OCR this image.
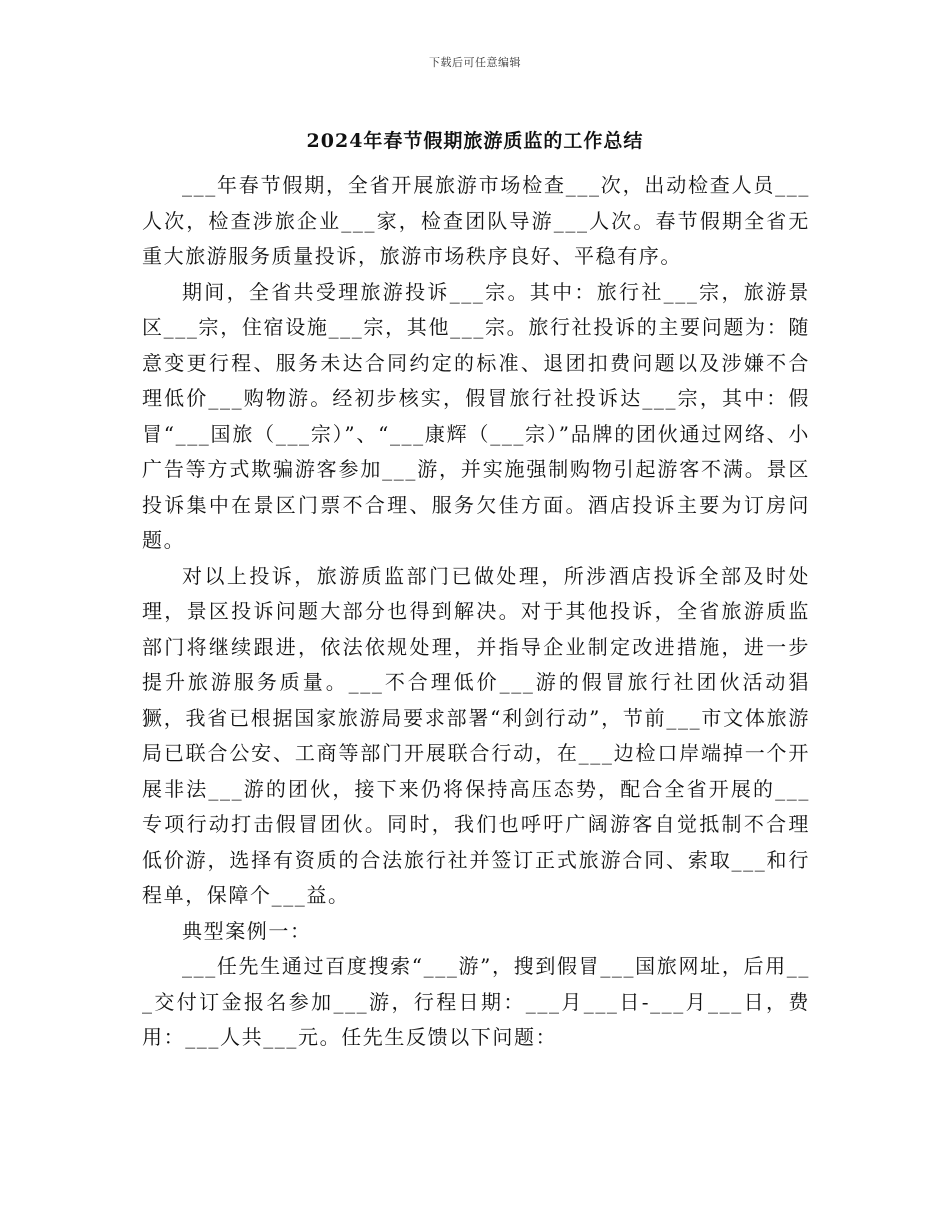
下载后可任意编辑
2024年春节假期旅游质监的工作总结

___年春节假期，全省开展旅游市场检查___次，出动检查人员___人次，检查涉旅企业___家，检查团队导游___人次。春节假期全省无重大旅游服务质量投诉，旅游市场秩序良好、平稳有序。

期间，全省共受理旅游投诉___宗。其中：旅行社___宗，旅游景区___宗，住宿设施___宗，其他___宗。旅行社投诉的主要问题为：随意变更行程、服务未达合同约定的标准、退团扣费问题以及涉嫌不合理低价___购物游。经初步核实，假冒旅行社投诉达___宗，其中：假冒“___国旅（___宗）”、“___康辉（___宗）”品牌的团伙通过网络、小广告等方式欺骗游客参加___游，并实施强制购物引起游客不满。景区投诉集中在景区门票不合理、服务欠佳方面。酒店投诉主要为订房问题。

对以上投诉，旅游质监部门已做处理，所涉酒店投诉全部及时处理，景区投诉问题大部分也得到解决。对于其他投诉，全省旅游质监部门将继续跟进，依法依规处理，并指导企业制定改进措施，进一步提升旅游服务质量。___不合理低价___游的假冒旅行社团伙活动猖獗，我省已根据国家旅游局要求部署“利剑行动”，节前___市文体旅游局已联合公安、工商等部门开展联合行动，在___边检口岸端掉一个开展非法___游的团伙，接下来仍将保持高压态势，配合全省开展的___专项行动打击假冒团伙。同时，我们也呼吁广阔游客自觉抵制不合理低价游，选择有资质的合法旅行社并签订正式旅游合同、索取___和行程单，保障个___益。

典型案例一：

___任先生通过百度搜索“___游”，搜到假冒___国旅网址，后用___交付订金报名参加___游，行程日期：___月___日-___月___日，费用：___人共___元。任先生反馈以下问题：
